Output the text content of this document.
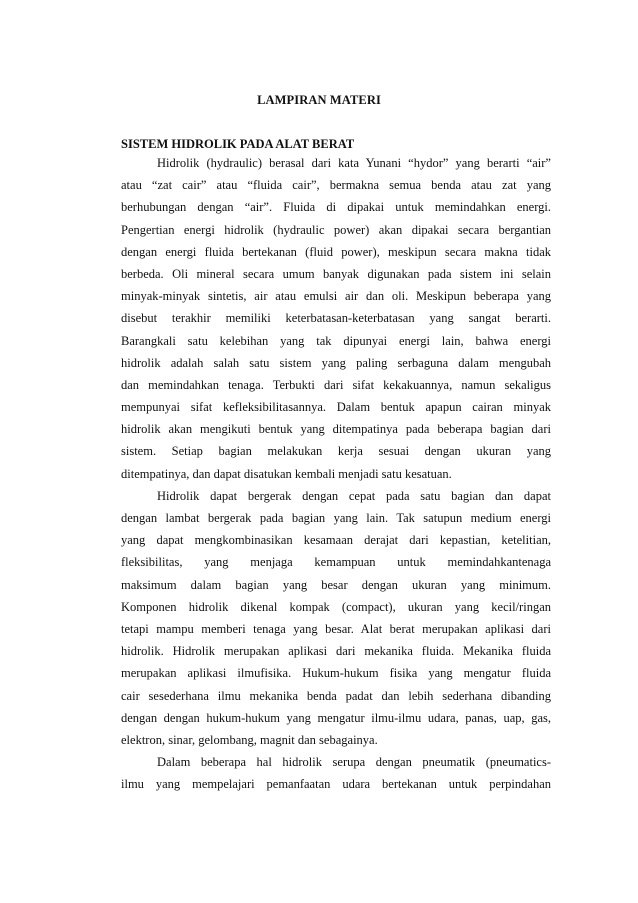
LAMPIRAN MATERI
SISTEM HIDROLIK PADA ALAT BERAT
Hidrolik (hydraulic) berasal dari kata Yunani “hydor” yang berarti “air”
atau “zat cair” atau “fluida cair”, bermakna semua benda atau zat yang
berhubungan dengan “air”. Fluida di dipakai untuk memindahkan energi.
Pengertian energi hidrolik (hydraulic power) akan dipakai secara bergantian
dengan energi fluida bertekanan (fluid power), meskipun secara makna tidak
berbeda. Oli mineral secara umum banyak digunakan pada sistem ini selain
minyak-minyak sintetis, air atau emulsi air dan oli. Meskipun beberapa yang
disebut terakhir memiliki keterbatasan-keterbatasan yang sangat berarti.
Barangkali satu kelebihan yang tak dipunyai energi lain, bahwa energi
hidrolik adalah salah satu sistem yang paling serbaguna dalam mengubah
dan memindahkan tenaga. Terbukti dari sifat kekakuannya, namun sekaligus
mempunyai sifat kefleksibilitasannya. Dalam bentuk apapun cairan minyak
hidrolik akan mengikuti bentuk yang ditempatinya pada beberapa bagian dari
sistem. Setiap bagian melakukan kerja sesuai dengan ukuran yang
ditempatinya, dan dapat disatukan kembali menjadi satu kesatuan.
Hidrolik dapat bergerak dengan cepat pada satu bagian dan dapat
dengan lambat bergerak pada bagian yang lain. Tak satupun medium energi
yang dapat mengkombinasikan kesamaan derajat dari kepastian, ketelitian,
fleksibilitas, yang menjaga kemampuan untuk memindahkantenaga
maksimum dalam bagian yang besar dengan ukuran yang minimum.
Komponen hidrolik dikenal kompak (compact), ukuran yang kecil/ringan
tetapi mampu memberi tenaga yang besar. Alat berat merupakan aplikasi dari
hidrolik. Hidrolik merupakan aplikasi dari mekanika fluida. Mekanika fluida
merupakan aplikasi ilmufisika. Hukum-hukum fisika yang mengatur fluida
cair sesederhana ilmu mekanika benda padat dan lebih sederhana dibanding
dengan dengan hukum-hukum yang mengatur ilmu-ilmu udara, panas, uap, gas,
elektron, sinar, gelombang, magnit dan sebagainya.
Dalam beberapa hal hidrolik serupa dengan pneumatik (pneumatics-
ilmu yang mempelajari pemanfaatan udara bertekanan untuk perpindahan
